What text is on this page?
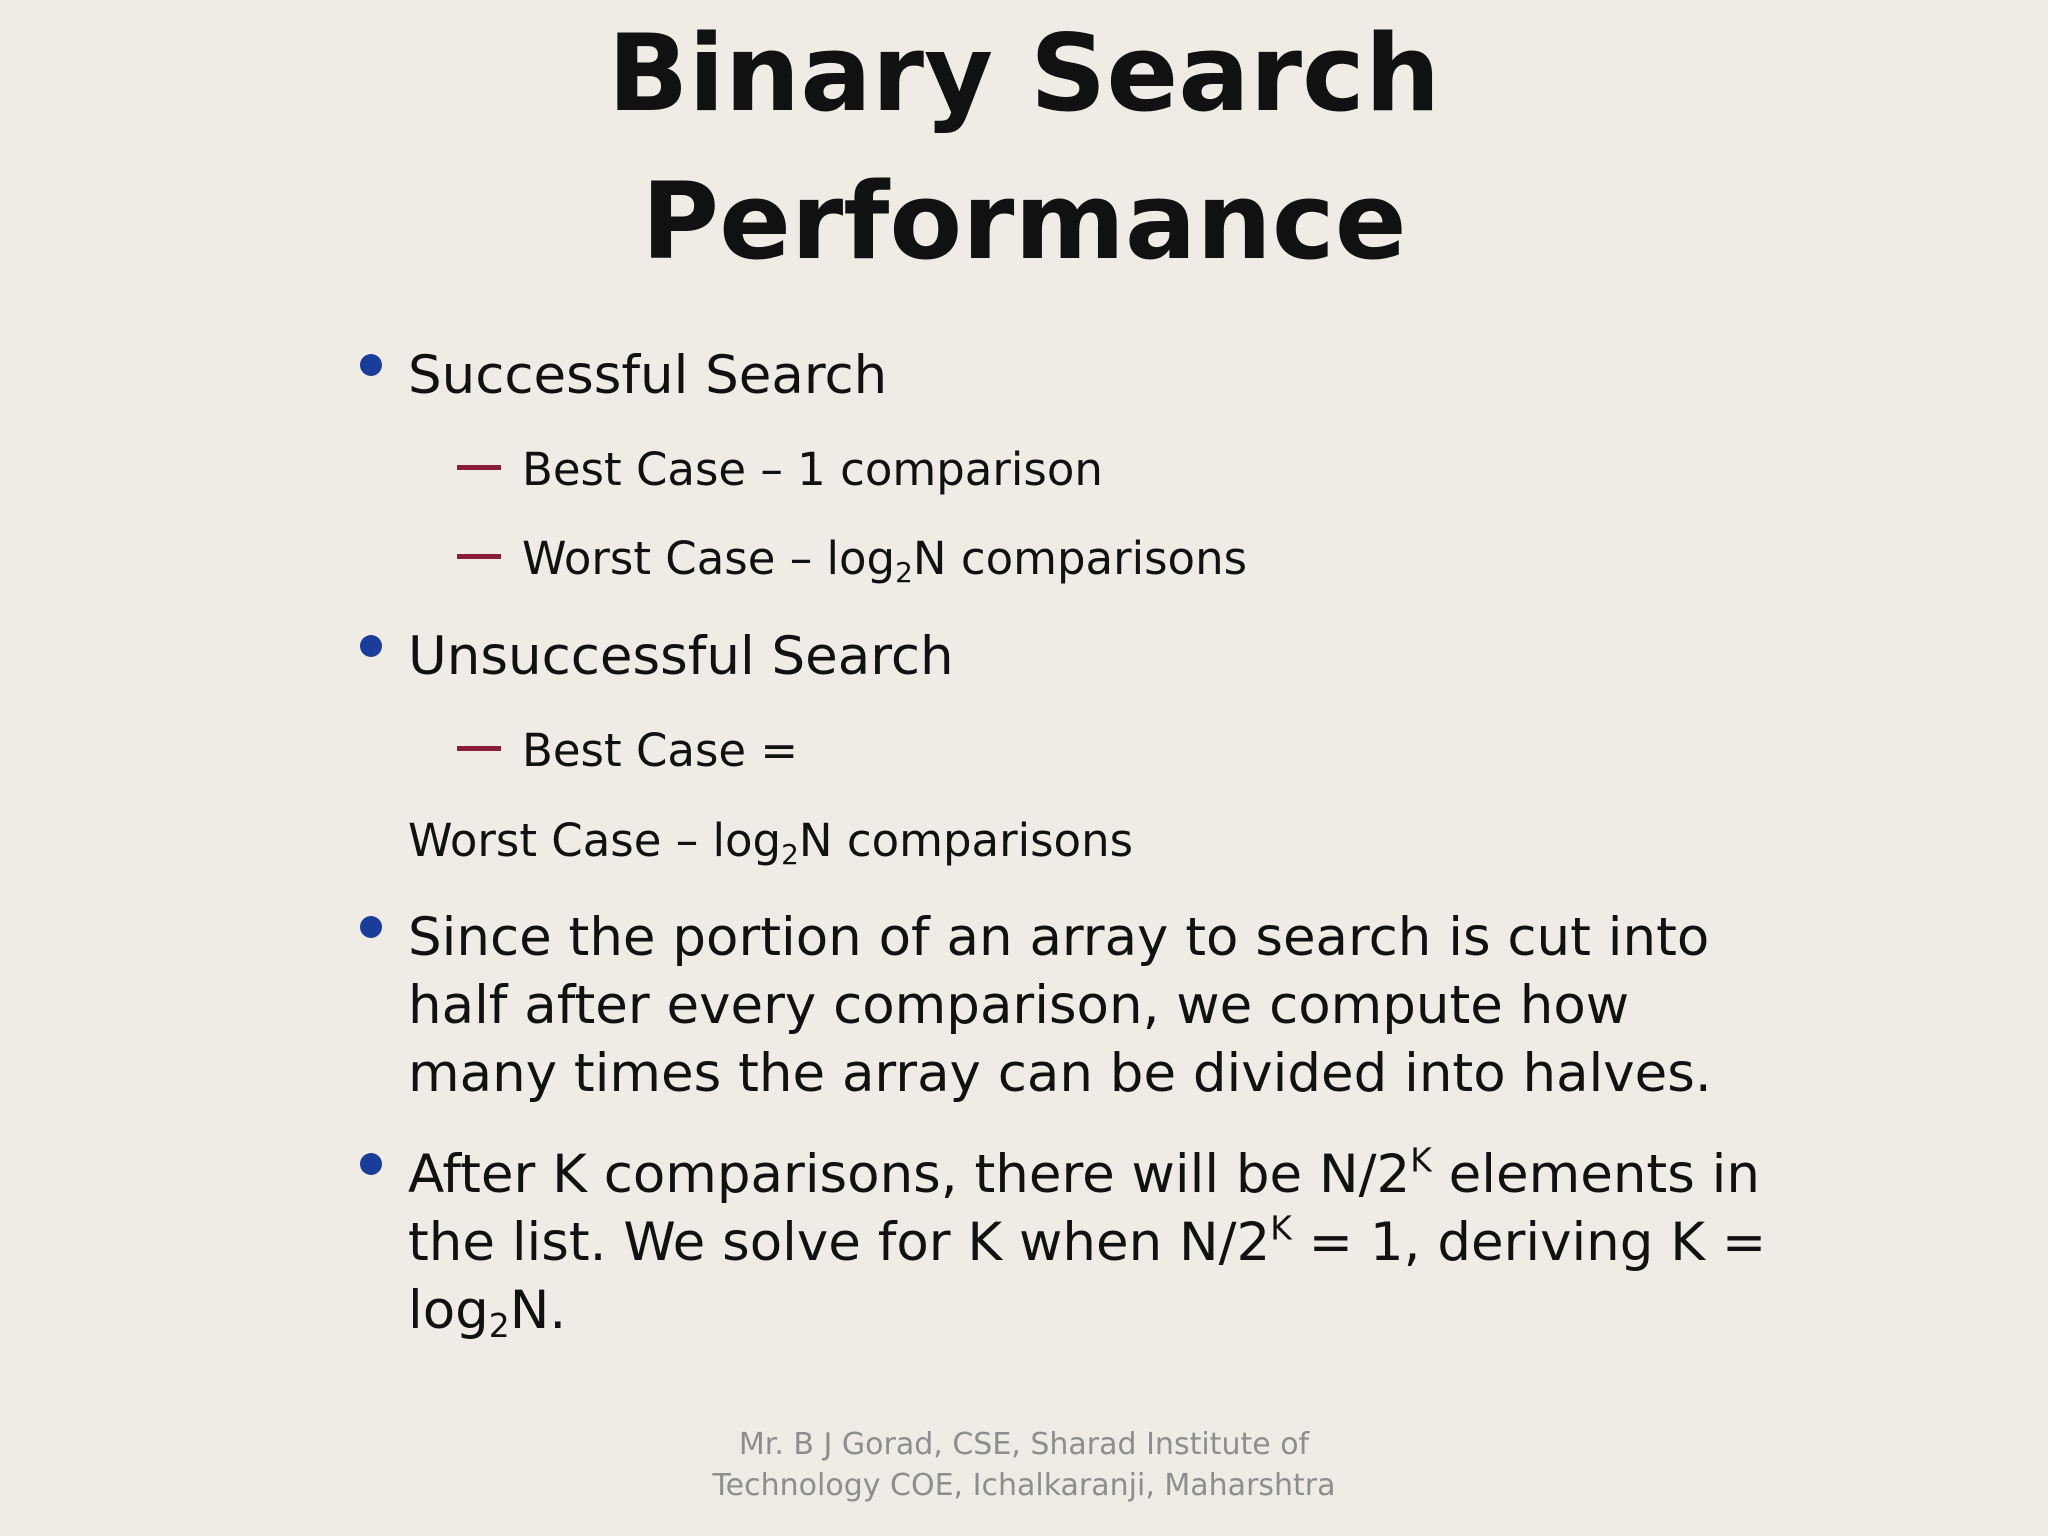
Binary Search
Performance
Successful Search
Best Case – 1 comparison
Worst Case – $\log_2N$ comparisons
Unsuccessful Search
Best Case =
Worst Case – $\log_2N$ comparisons
Since the portion of an array to search is cut into half after every comparison, we compute how many times the array can be divided into halves.
After K comparisons, there will be $N/2^K$ elements in the list. We solve for K when $N/2^K = 1$, deriving $K = \log_2N$.
Mr. B J Gorad, CSE, Sharad Institute of
Technology COE, Ichalkaranji, Maharshtra
